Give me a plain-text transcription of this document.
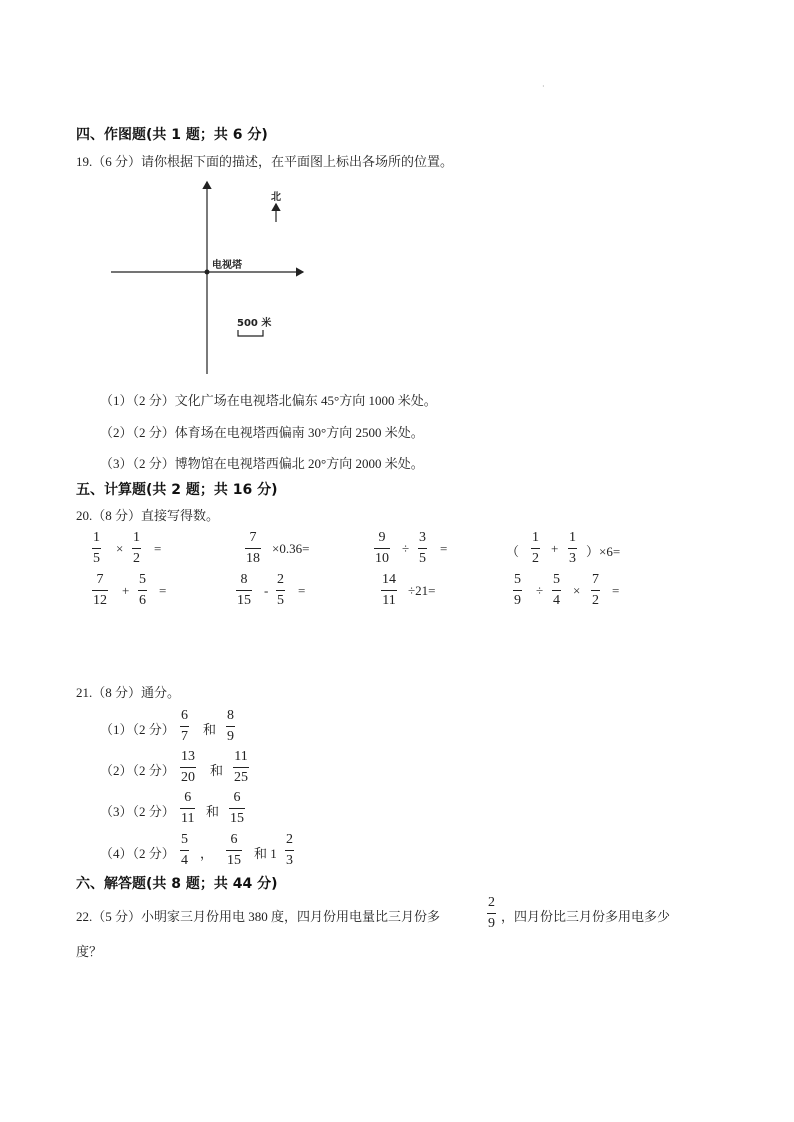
·
四、作图题(共 1 题；共 6 分)
19.（6 分）请你根据下面的描述，在平面图上标出各场所的位置。
北
电视塔
500 米
（1）（2 分）文化广场在电视塔北偏东 45°方向 1000 米处。
（2）（2 分）体育场在电视塔西偏南 30°方向 2500 米处。
（3）（2 分）博物馆在电视塔西偏北 20°方向 2000 米处。
五、计算题(共 2 题；共 16 分)
20.（8 分）直接写得数。
1
5
×
1
2
=
7
18
×0.36=
9
10
÷
3
5
=	（
1
2
+
1
3 ）×6=
7
12
+
5
6
=
8
15
-
2
5
=
14
11
÷21=
5
9
÷
5
4
×
7
2
=
21.（8 分）通分。
（1）（2 分）
6
7 和
8
9
（2）（2 分）
13
20 和
11
25
（3）（2 分）
6
11 和
6
15
（4）（2 分）
5
4 ，
6
15 和 1
2
3
六、解答题(共 8 题；共 44 分)
22.（5 分）小明家三月份用电 380 度，四月份用电量比三月份多
2
9 ，四月份比三月份多用电多少
度？
